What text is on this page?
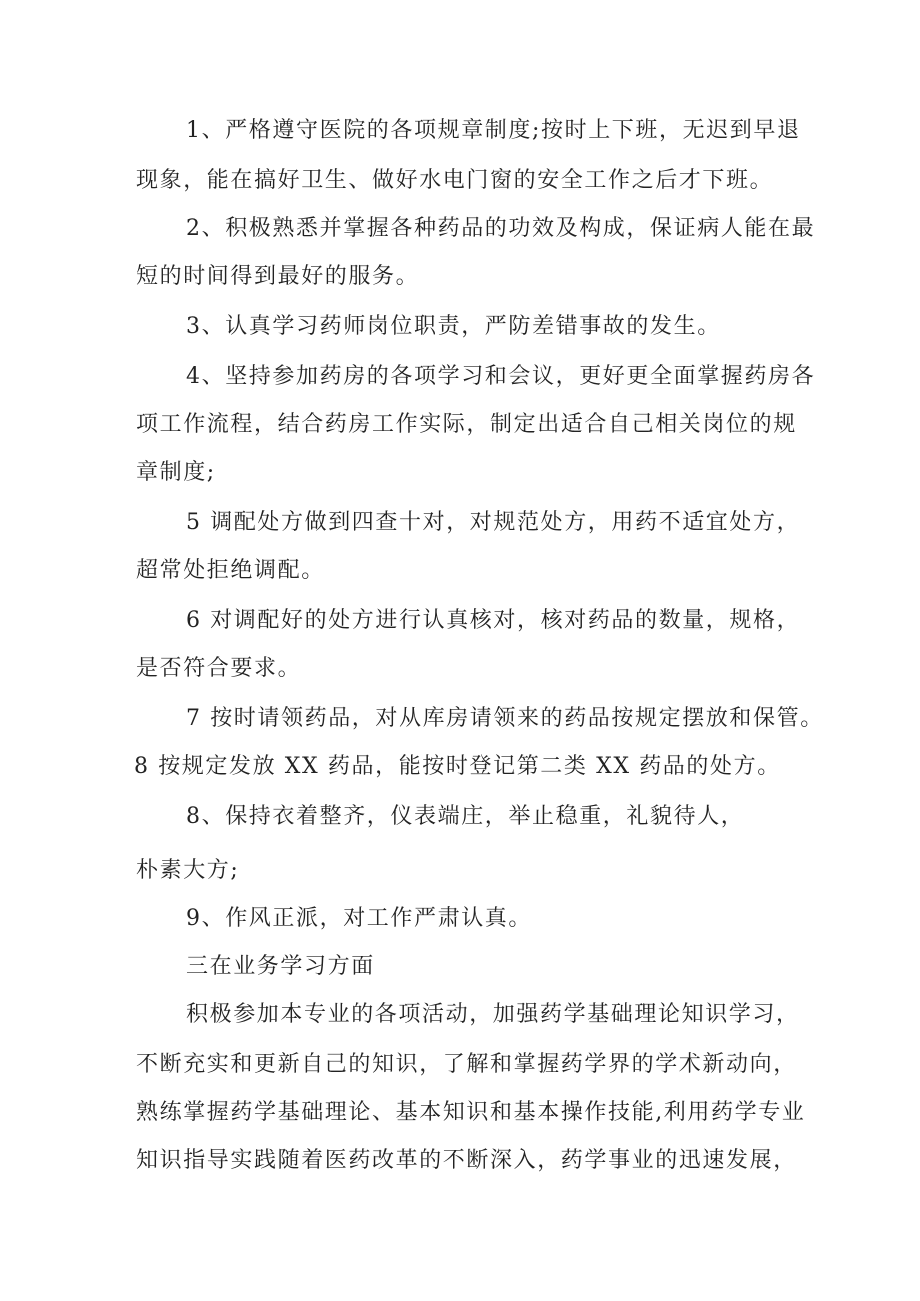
1、严格遵守医院的各项规章制度;按时上下班，无迟到早退
现象，能在搞好卫生、做好水电门窗的安全工作之后才下班。
2、积极熟悉并掌握各种药品的功效及构成，保证病人能在最
短的时间得到最好的服务。
3、认真学习药师岗位职责，严防差错事故的发生。
4、坚持参加药房的各项学习和会议，更好更全面掌握药房各
项工作流程，结合药房工作实际，制定出适合自己相关岗位的规
章制度;
5 调配处方做到四查十对，对规范处方，用药不适宜处方，
超常处拒绝调配。
6 对调配好的处方进行认真核对，核对药品的数量，规格，
是否符合要求。
7 按时请领药品，对从库房请领来的药品按规定摆放和保管。
8 按规定发放 XX 药品，能按时登记第二类 XX 药品的处方。
8、保持衣着整齐，仪表端庄，举止稳重，礼貌待人，
朴素大方;
9、作风正派，对工作严肃认真。
三在业务学习方面
积极参加本专业的各项活动，加强药学基础理论知识学习，
不断充实和更新自己的知识，了解和掌握药学界的学术新动向，
熟练掌握药学基础理论、基本知识和基本操作技能,利用药学专业
知识指导实践随着医药改革的不断深入，药学事业的迅速发展，
